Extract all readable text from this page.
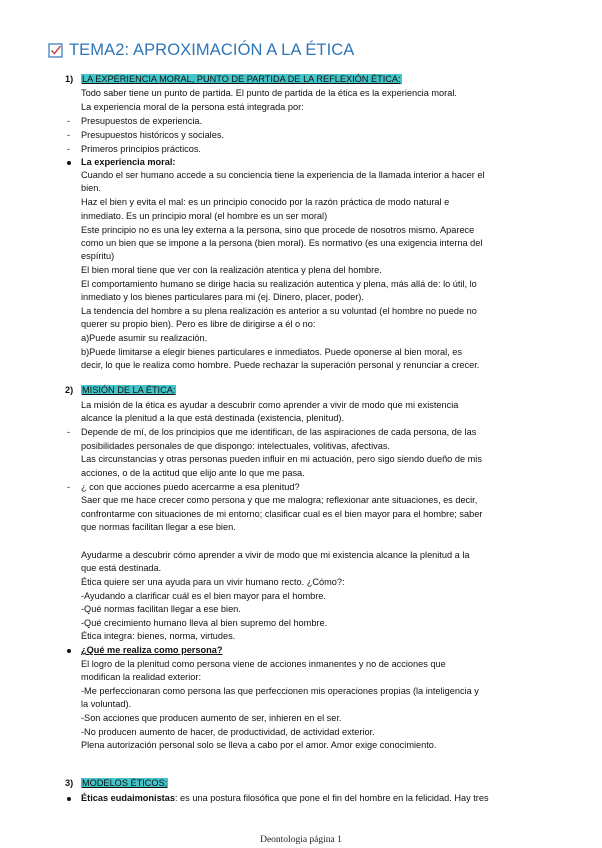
TEMA2: APROXIMACIÓN A LA ÉTICA
1) LA EXPERIENCIA MORAL, PUNTO DE PARTIDA DE LA REFLEXIÓN ÉTICA:
Todo saber tiene un punto de partida. El punto de partida de la ética es la experiencia moral.
La experiencia moral de la persona está integrada por:
- Presupuestos de experiencia.
- Presupuestos históricos y sociales.
- Primeros principios prácticos.
La experiencia moral:
Cuando el ser humano accede a su conciencia tiene la experiencia de la llamada interior a hacer el
bien.
Haz el bien y evita el mal: es un principio conocido por la razón práctica de modo natural e
inmediato. Es un principio moral (el hombre es un ser moral)
Este principio no es una ley externa a la persona, sino que procede de nosotros mismo. Aparece
como un bien que se impone a la persona (bien moral). Es normativo (es una exigencia interna del
espíritu)
El bien moral tiene que ver con la realización atentica y plena del hombre.
El comportamiento humano se dirige hacia su realización autentica y plena, más allá de: lo útil, lo
inmediato y los bienes particulares para mi (ej. Dinero, placer, poder).
La tendencia del hombre a su plena realización es anterior a su voluntad (el hombre no puede no
querer su propio bien). Pero es libre de dirigirse a él o no:
a)Puede asumir su realización.
b)Puede limitarse a elegir bienes particulares e inmediatos. Puede oponerse al bien moral, es
decir, lo que le realiza como hombre. Puede rechazar la superación personal y renunciar a crecer.
2) MISIÓN DE LA ÉTICA:
La misión de la ética es ayudar a descubrir como aprender a vivir de modo que mi existencia
alcance la plenitud a la que está destinada (existencia, plenitud).
- Depende de mí, de los principios que me identifican, de las aspiraciones de cada persona, de las
posibilidades personales de que dispongo: intelectuales, volitivas, afectivas.
Las circunstancias y otras personas pueden influir en mi actuación, pero sigo siendo dueño de mis
acciones, o de la actitud que elijo ante lo que me pasa.
- ¿ con que acciones puedo acercarme a esa plenitud?
Saer que me hace crecer como persona y que me malogra; reflexionar ante situaciones, es decir,
confrontarme con situaciones de mi entorno; clasificar cual es el bien mayor para el hombre; saber
que normas facilitan llegar a ese bien.
Ayudarme a descubrir cómo aprender a vivir de modo que mi existencia alcance la plenitud a la
que está destinada.
Ética quiere ser una ayuda para un vivir humano recto. ¿Cómo?:
-Ayudando a clarificar cuál es el bien mayor para el hombre.
-Qué normas facilitan llegar a ese bien.
-Qué crecimiento humano lleva al bien supremo del hombre.
Ética integra: bienes, norma, virtudes.
¿Qué me realiza como persona?
El logro de la plenitud como persona viene de acciones inmanentes y no de acciones que
modifican la realidad exterior:
-Me perfeccionaran como persona las que perfeccionen mis operaciones propias (la inteligencia y
la voluntad).
-Son acciones que producen aumento de ser, inhieren en el ser.
-No producen aumento de hacer, de productividad, de actividad exterior.
Plena autorización personal solo se lleva a cabo por el amor. Amor exige conocimiento.
3) MODELOS ÉTICOS:
Éticas eudaimonistas: es una postura filosófica que pone el fin del hombre en la felicidad. Hay tres
Deontologia página 1
